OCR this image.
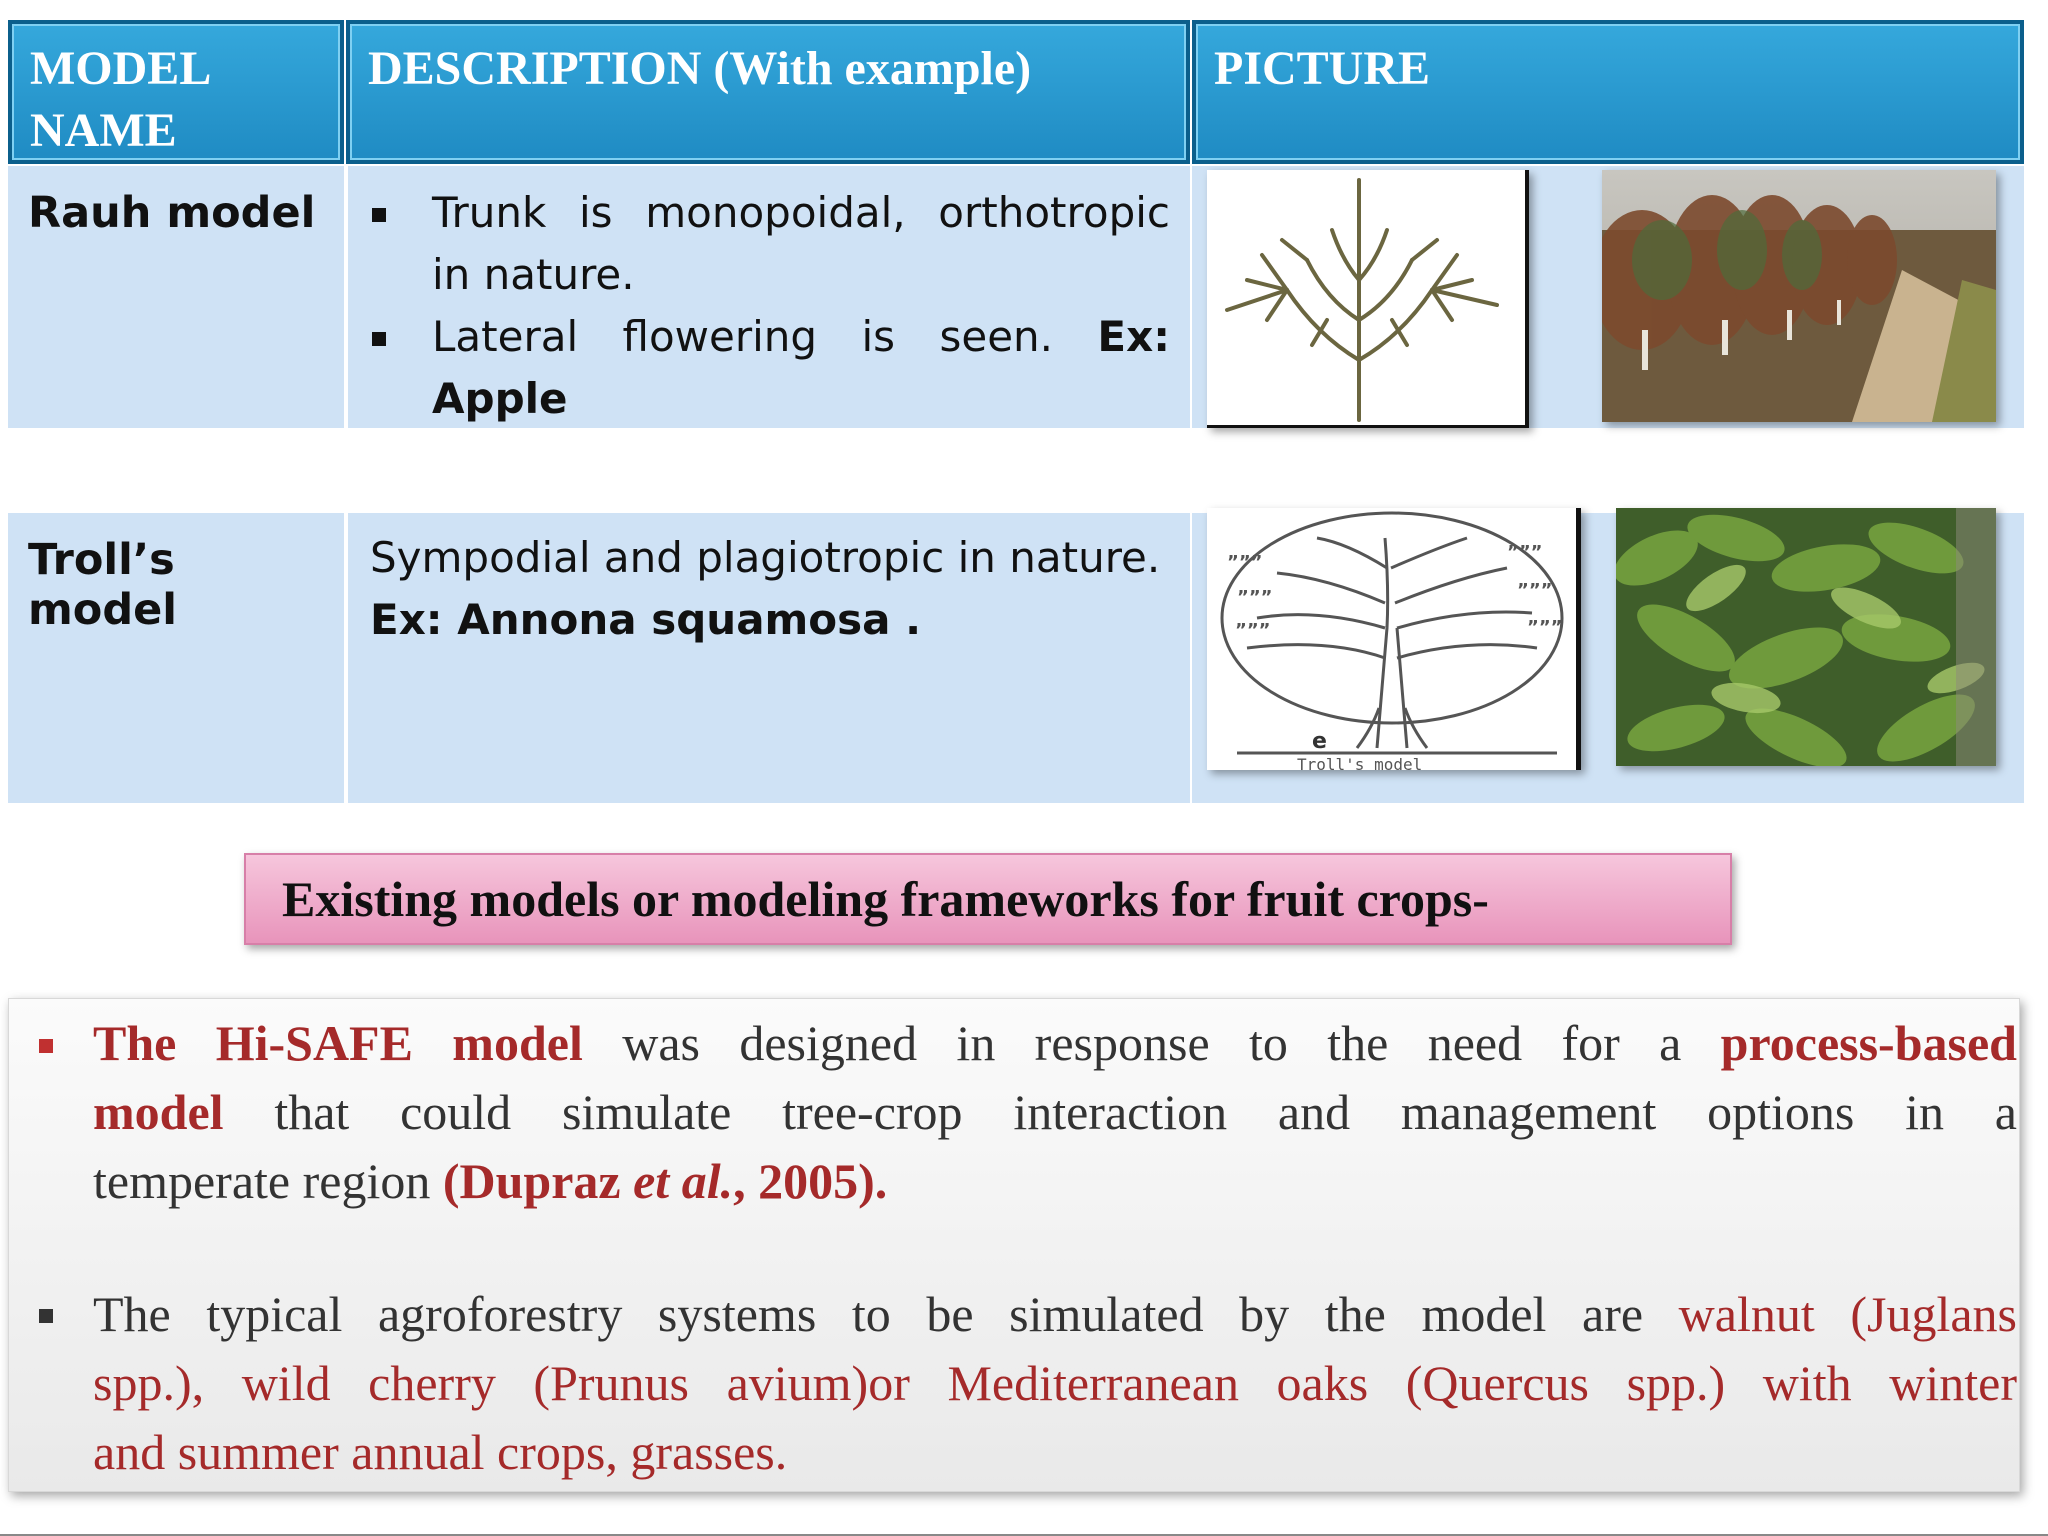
MODEL
NAME
DESCRIPTION (With example)	PICTURE
Rauh model	Trunk is monopoidal, orthotropic
in nature.
Lateral flowering is seen. Ex:
Apple
Troll’s model
Sympodial and plagiotropic in nature.
Ex: Annona squamosa .
”””
”””
”””
”””
”””
”””
e
Troll's model
Existing models or modeling frameworks for fruit crops-
The Hi-SAFE model was designed in response to the need for a process-based
model that could simulate tree-crop interaction and management options in a
temperate region (Dupraz et al., 2005).
The typical agroforestry systems to be simulated by the model are walnut (Juglans
spp.), wild cherry (Prunus avium)or Mediterranean oaks (Quercus spp.) with winter
and summer annual crops, grasses.
